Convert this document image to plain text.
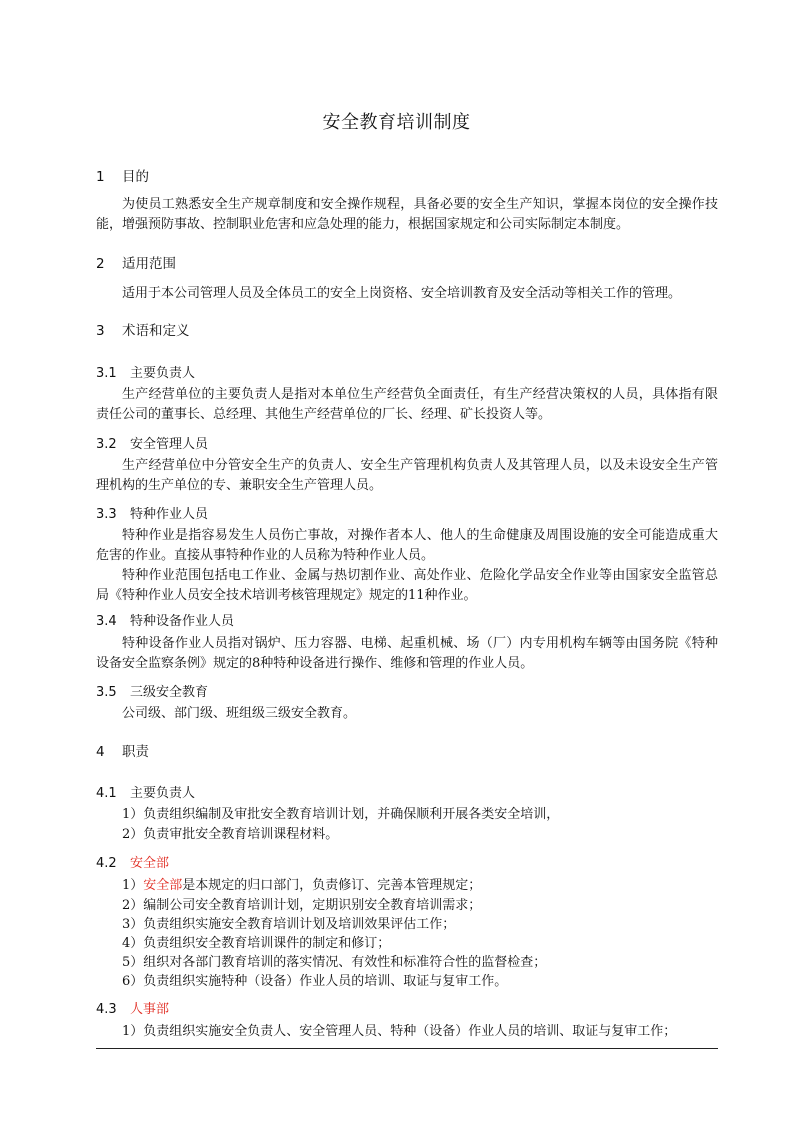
安全教育培训制度
1 目的
为使员工熟悉安全生产规章制度和安全操作规程，具备必要的安全生产知识，掌握本岗位的安全操作技能，增强预防事故、控制职业危害和应急处理的能力，根据国家规定和公司实际制定本制度。
2 适用范围
适用于本公司管理人员及全体员工的安全上岗资格、安全培训教育及安全活动等相关工作的管理。
3 术语和定义
3.1 主要负责人
生产经营单位的主要负责人是指对本单位生产经营负全面责任，有生产经营决策权的人员，具体指有限责任公司的董事长、总经理、其他生产经营单位的厂长、经理、矿长投资人等。
3.2 安全管理人员
生产经营单位中分管安全生产的负责人、安全生产管理机构负责人及其管理人员，以及未设安全生产管理机构的生产单位的专、兼职安全生产管理人员。
3.3 特种作业人员
特种作业是指容易发生人员伤亡事故，对操作者本人、他人的生命健康及周围设施的安全可能造成重大危害的作业。直接从事特种作业的人员称为特种作业人员。
特种作业范围包括电工作业、金属与热切割作业、高处作业、危险化学品安全作业等由国家安全监管总局《特种作业人员安全技术培训考核管理规定》规定的11种作业。
3.4 特种设备作业人员
特种设备作业人员指对锅炉、压力容器、电梯、起重机械、场（厂）内专用机构车辆等由国务院《特种设备安全监察条例》规定的8种特种设备进行操作、维修和管理的作业人员。
3.5 三级安全教育
公司级、部门级、班组级三级安全教育。
4 职责
4.1 主要负责人
1）负责组织编制及审批安全教育培训计划，并确保顺利开展各类安全培训，
2）负责审批安全教育培训课程材料。
4.2 安全部
1）安全部是本规定的归口部门，负责修订、完善本管理规定；
2）编制公司安全教育培训计划，定期识别安全教育培训需求；
3）负责组织实施安全教育培训计划及培训效果评估工作；
4）负责组织安全教育培训课件的制定和修订；
5）组织对各部门教育培训的落实情况、有效性和标准符合性的监督检查；
6）负责组织实施特种（设备）作业人员的培训、取证与复审工作。
4.3 人事部
1）负责组织实施安全负责人、安全管理人员、特种（设备）作业人员的培训、取证与复审工作；
